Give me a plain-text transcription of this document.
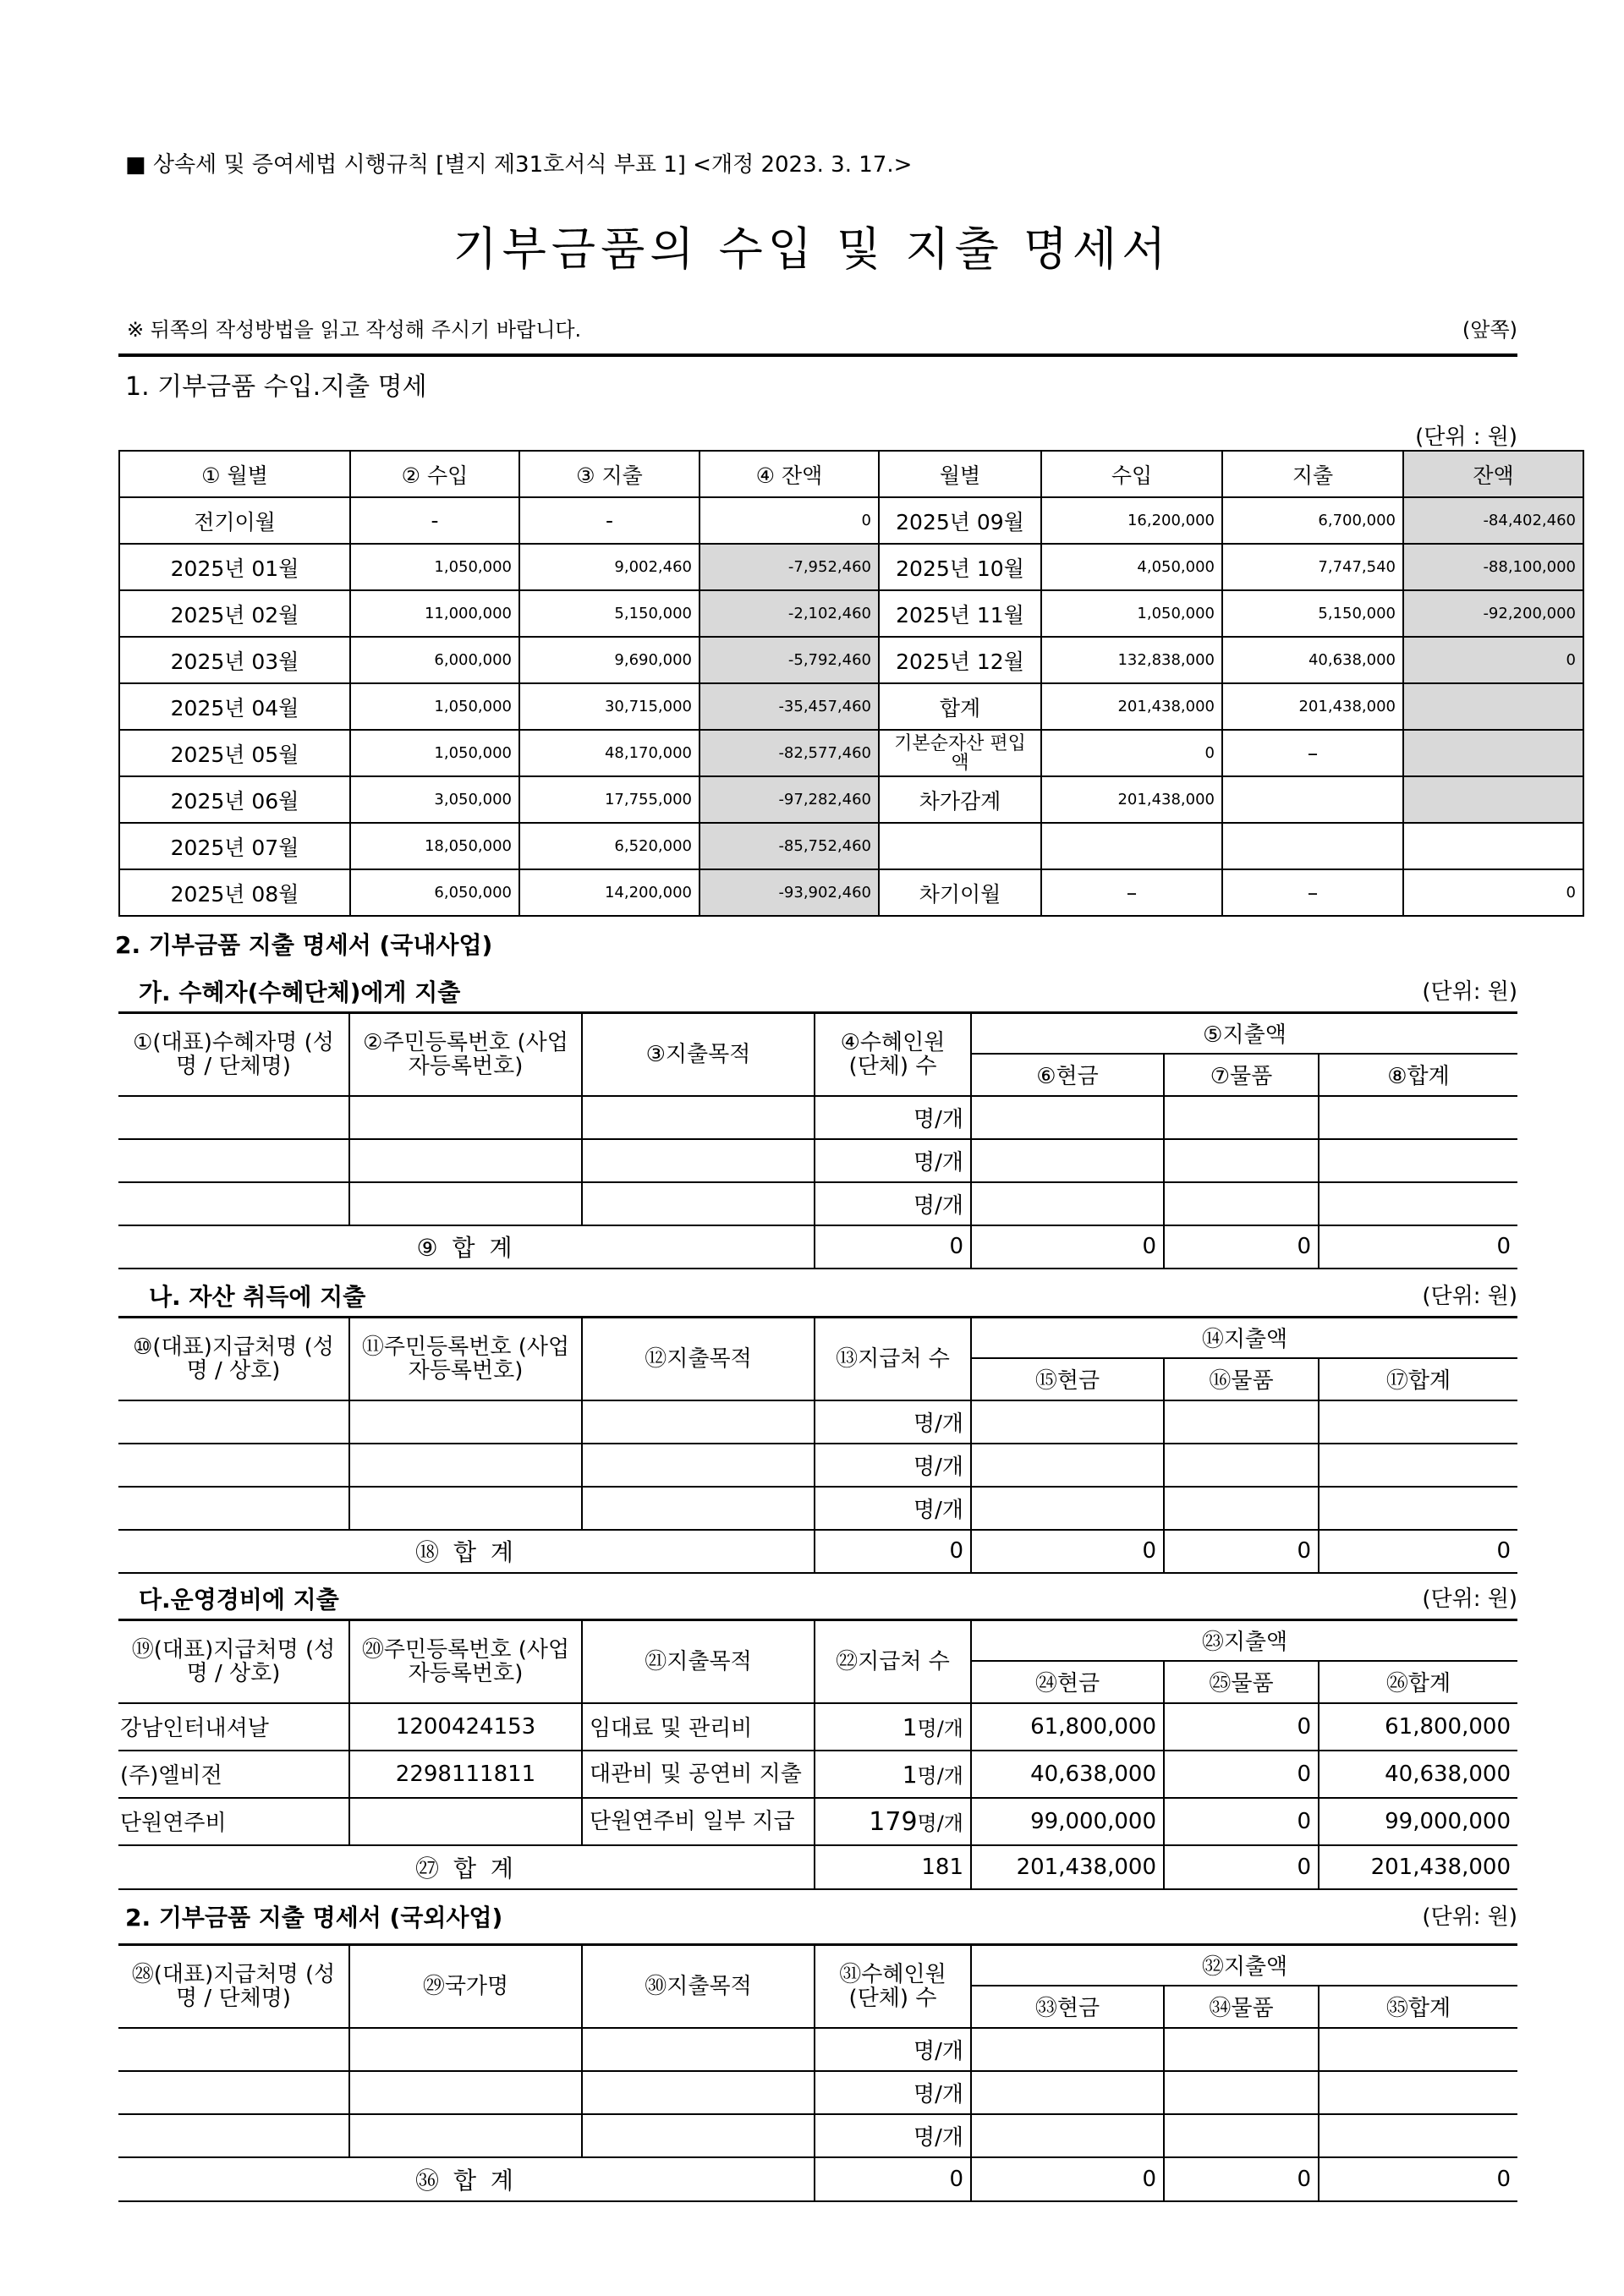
■ 상속세 및 증여세법 시행규칙 [별지 제31호서식 부표 1] <개정 2023. 3. 17.>
기부금품의 수입 및 지출 명세서
※ 뒤쪽의 작성방법을 읽고 작성해 주시기 바랍니다.	(앞쪽)
1. 기부금품 수입.지출 명세
(단위 : 원)
① 월별	② 수입	③ 지출	④ 잔액	월별	수입	지출	잔액
전기이월	-	-	0	2025년 09월	16,200,000	6,700,000	-84,402,460
2025년 01월	1,050,000	9,002,460	-7,952,460	2025년 10월	4,050,000	7,747,540	-88,100,000
2025년 02월	11,000,000	5,150,000	-2,102,460	2025년 11월	1,050,000	5,150,000	-92,200,000
2025년 03월	6,000,000	9,690,000	-5,792,460	2025년 12월	132,838,000	40,638,000	0
2025년 04월	1,050,000	30,715,000	-35,457,460	합계	201,438,000	201,438,000	
2025년 05월	1,050,000	48,170,000	-82,577,460	기본순자산 편입액	0	–	
2025년 06월	3,050,000	17,755,000	-97,282,460	차가감계	201,438,000		
2025년 07월	18,050,000	6,520,000	-85,752,460				
2025년 08월	6,050,000	14,200,000	-93,902,460	차기이월	–	–	0
2. 기부금품 지출 명세서 (국내사업)
가. 수혜자(수혜단체)에게 지출	(단위: 원)
①(대표)수혜자명 (성명 / 단체명)	②주민등록번호 (사업자등록번호)	③지출목적	④수혜인원 (단체) 수	⑤지출액		
				⑥현금	⑦물품	⑧합계
			명/개			
			명/개			
			명/개			
⑨ 합 계			0	0	0	0
나. 자산 취득에 지출	(단위: 원)
⑩(대표)지급처명 (성명 / 상호)	⑪주민등록번호 (사업자등록번호)	⑫지출목적	⑬지급처 수	⑭지출액		
				⑮현금	⑯물품	⑰합계
			명/개			
			명/개			
			명/개			
⑱ 합 계			0	0	0	0
다.운영경비에 지출	(단위: 원)
⑲(대표)지급처명 (성명 / 상호)	⑳주민등록번호 (사업자등록번호)	㉑지출목적	㉒지급처 수	㉓지출액		
				㉔현금	㉕물품	㉖합계
강남인터내셔날	1200424153	임대료 및 관리비	1명/개	61,800,000	0	61,800,000
(주)엘비전	2298111811	대관비 및 공연비 지출	1명/개	40,638,000	0	40,638,000
단원연주비		단원연주비 일부 지급	179명/개	99,000,000	0	99,000,000
㉗ 합 계			181	201,438,000	0	201,438,000
2. 기부금품 지출 명세서 (국외사업)	(단위: 원)
㉘(대표)지급처명 (성명 / 단체명)	㉙국가명	㉚지출목적	㉛수혜인원 (단체) 수	㉜지출액		
				㉝현금	㉞물품	㉟합계
			명/개			
			명/개			
			명/개			
㊱ 합 계			0	0	0	0
